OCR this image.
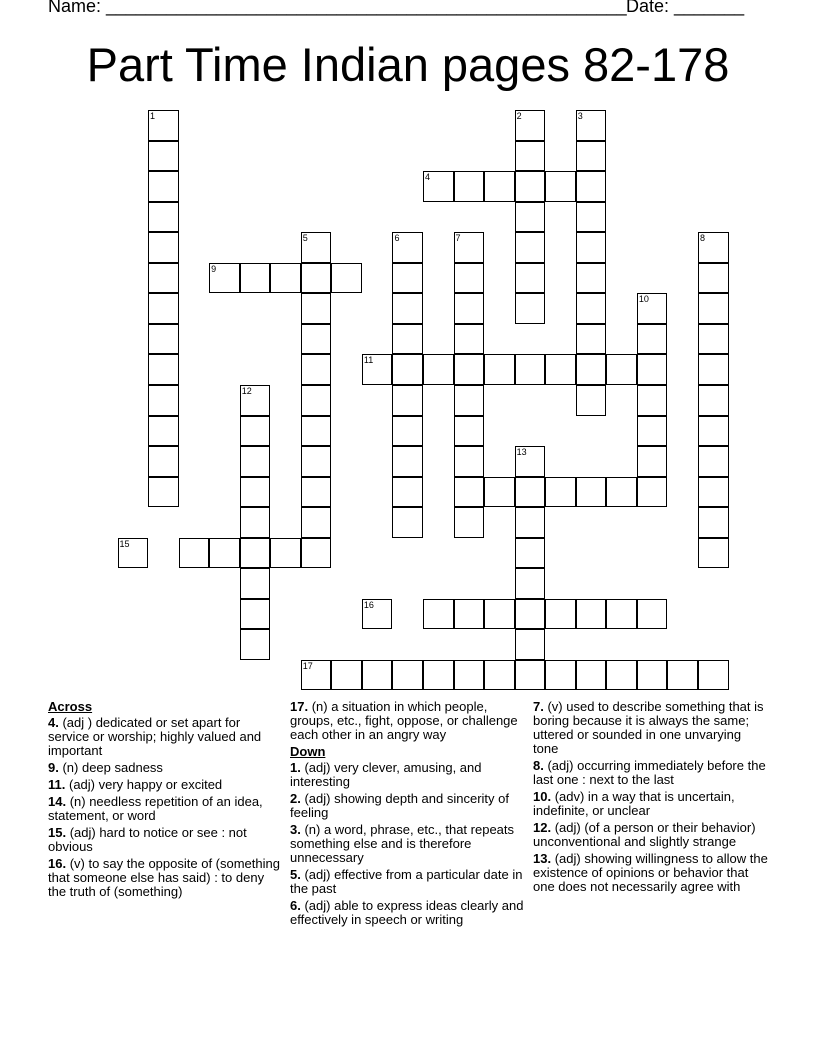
Name: ____________________________________________________ Date: _______
Part Time Indian pages 82-178
1	2	3
4
5	6	7	8
9
10
11
12
13
15
16
17
Across
4. (adj ) dedicated or set apart for service or worship; highly valued and important
9. (n) deep sadness
11. (adj) very happy or excited
14. (n) needless repetition of an idea, statement, or word
15. (adj) hard to notice or see : not obvious
16. (v) to say the opposite of (something that someone else has said) : to deny the truth of (something)
17. (n) a situation in which people, groups, etc., fight, oppose, or challenge each other in an angry way
Down
1. (adj) very clever, amusing, and interesting
2. (adj) showing depth and sincerity of feeling
3. (n) a word, phrase, etc., that repeats something else and is therefore unnecessary
5. (adj) effective from a particular date in the past
6. (adj) able to express ideas clearly and effectively in speech or writing
7. (v) used to describe something that is boring because it is always the same; uttered or sounded in one unvarying tone
8. (adj) occurring immediately before the last one : next to the last
10. (adv) in a way that is uncertain, indefinite, or unclear
12. (adj) (of a person or their behavior) unconventional and slightly strange
13. (adj) showing willingness to allow the existence of opinions or behavior that one does not necessarily agree with
